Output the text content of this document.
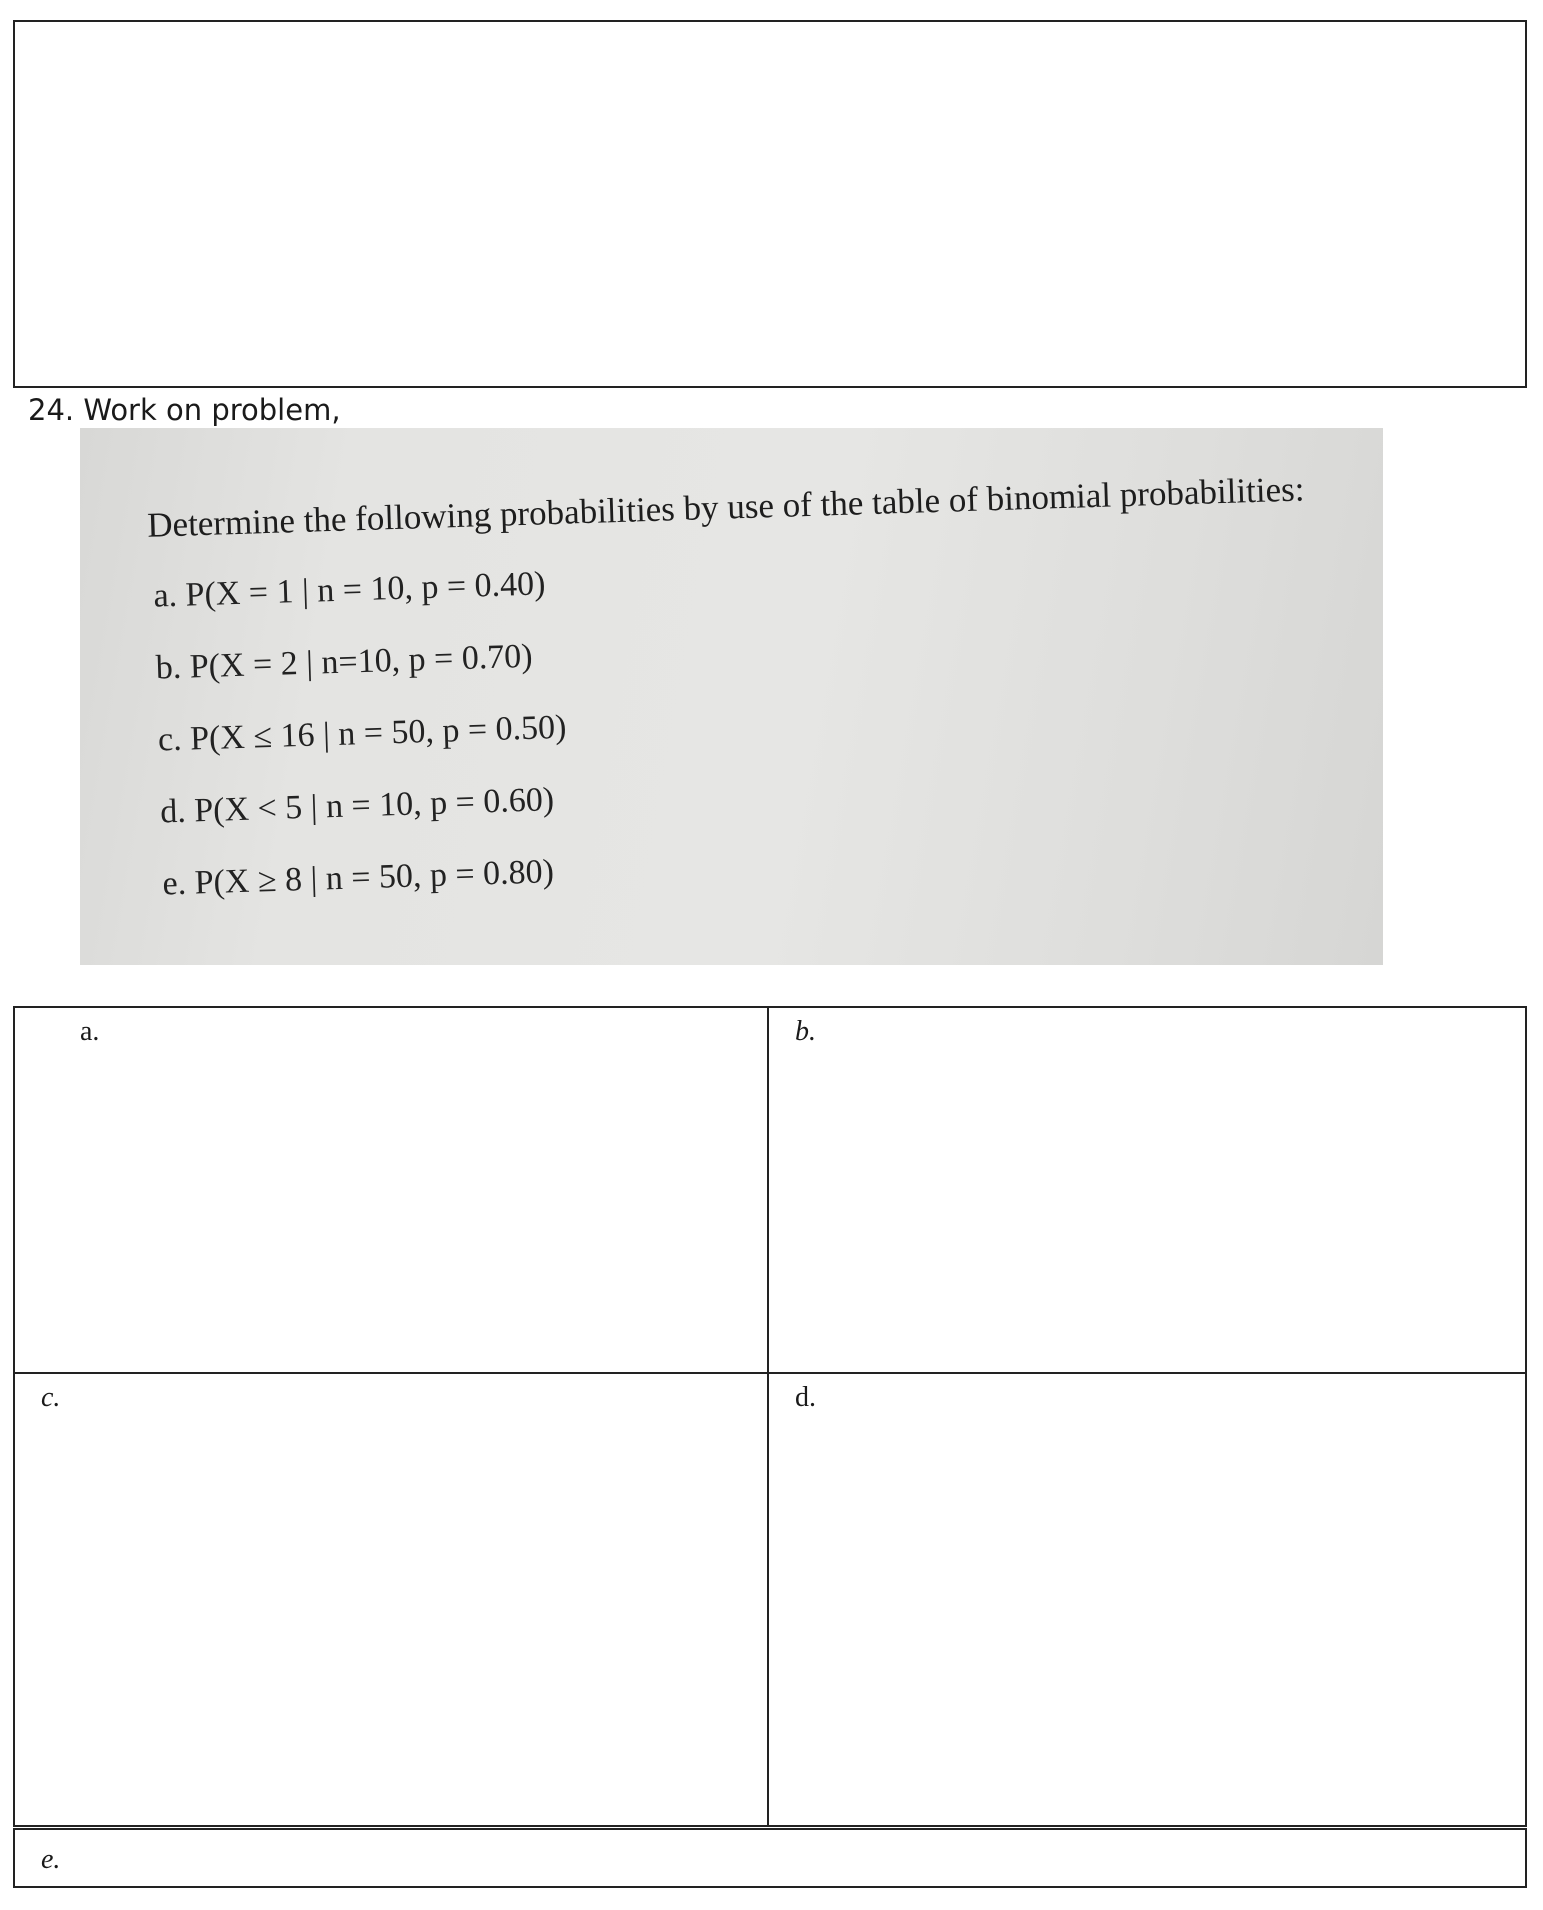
24. Work on problem,

Determine the following probabilities by use of the table of binomial probabilities:
a. P(X = 1 | n = 10, p = 0.40)
b. P(X = 2 | n=10, p = 0.70)
c. P(X ≤ 16 | n = 50, p = 0.50)
d. P(X < 5 | n = 10, p = 0.60)
e. P(X ≥ 8 | n = 50, p = 0.80)
a.	b.
c.	d.
e.
